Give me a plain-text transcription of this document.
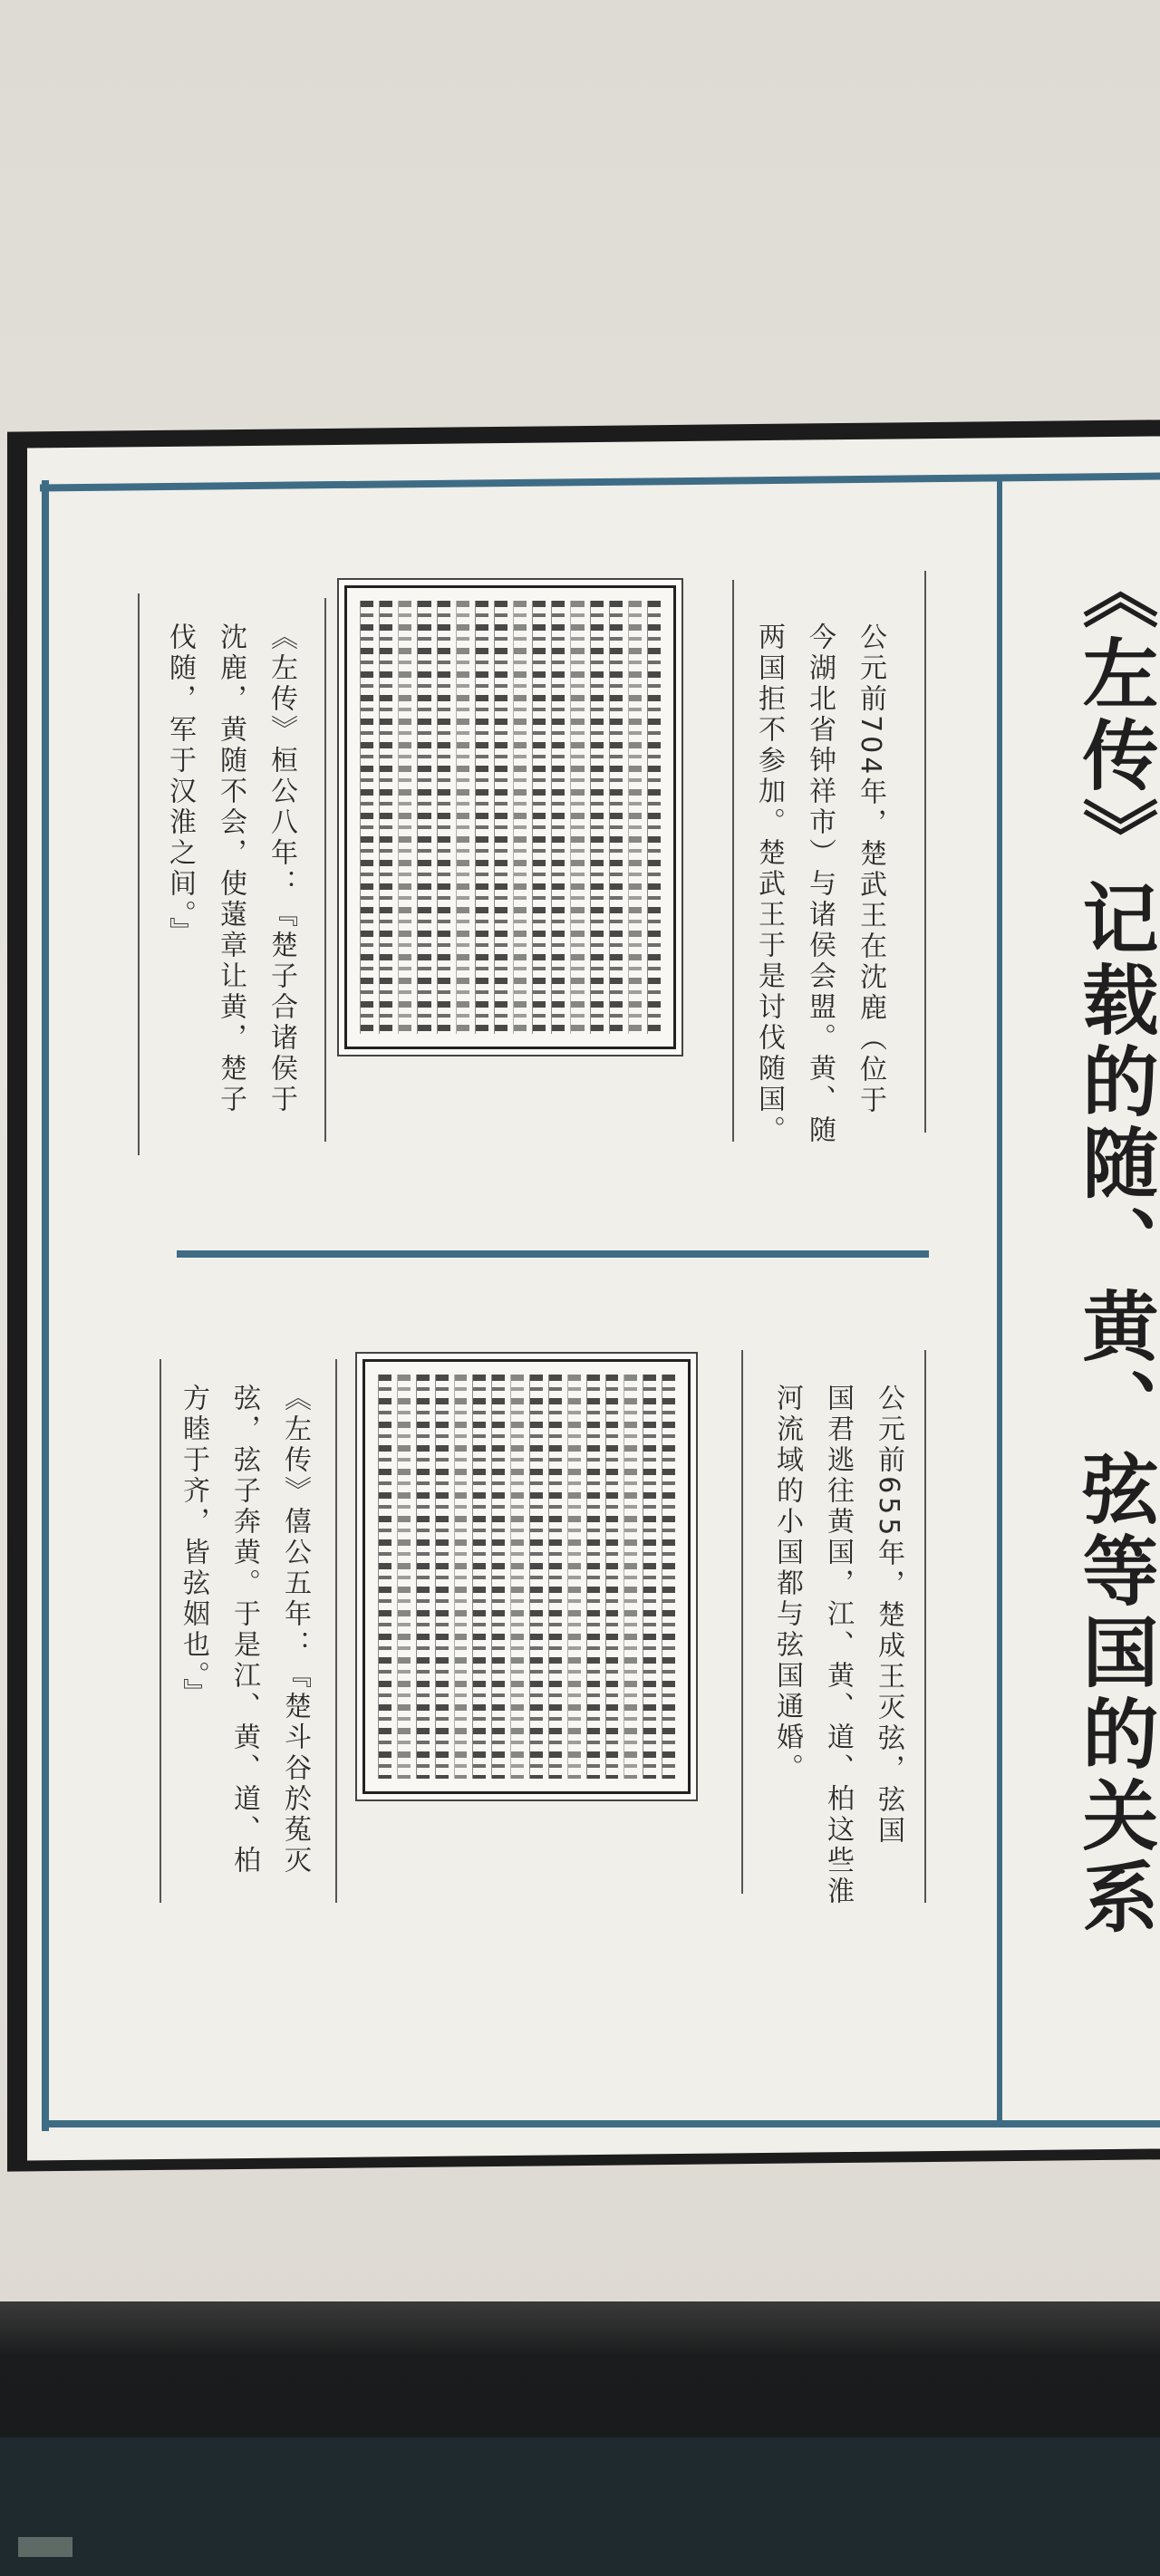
《左传》记载的随、黄、弦等国的关系

公元前704年，楚武王在沈鹿（位于
今湖北省钟祥市）与诸侯会盟。黄、随
两国拒不参加。楚武王于是讨伐随国。

《左传》桓公八年：『楚子合诸侯于
沈鹿，黄随不会，使薳章让黄，楚子
伐随，军于汉淮之间。』

公元前655年，楚成王灭弦，弦国
国君逃往黄国，江、黄、道、柏这些淮
河流域的小国都与弦国通婚。

《左传》僖公五年：『楚斗谷於菟灭
弦，弦子奔黄。于是江、黄、道、柏
方睦于齐，皆弦姻也。』
